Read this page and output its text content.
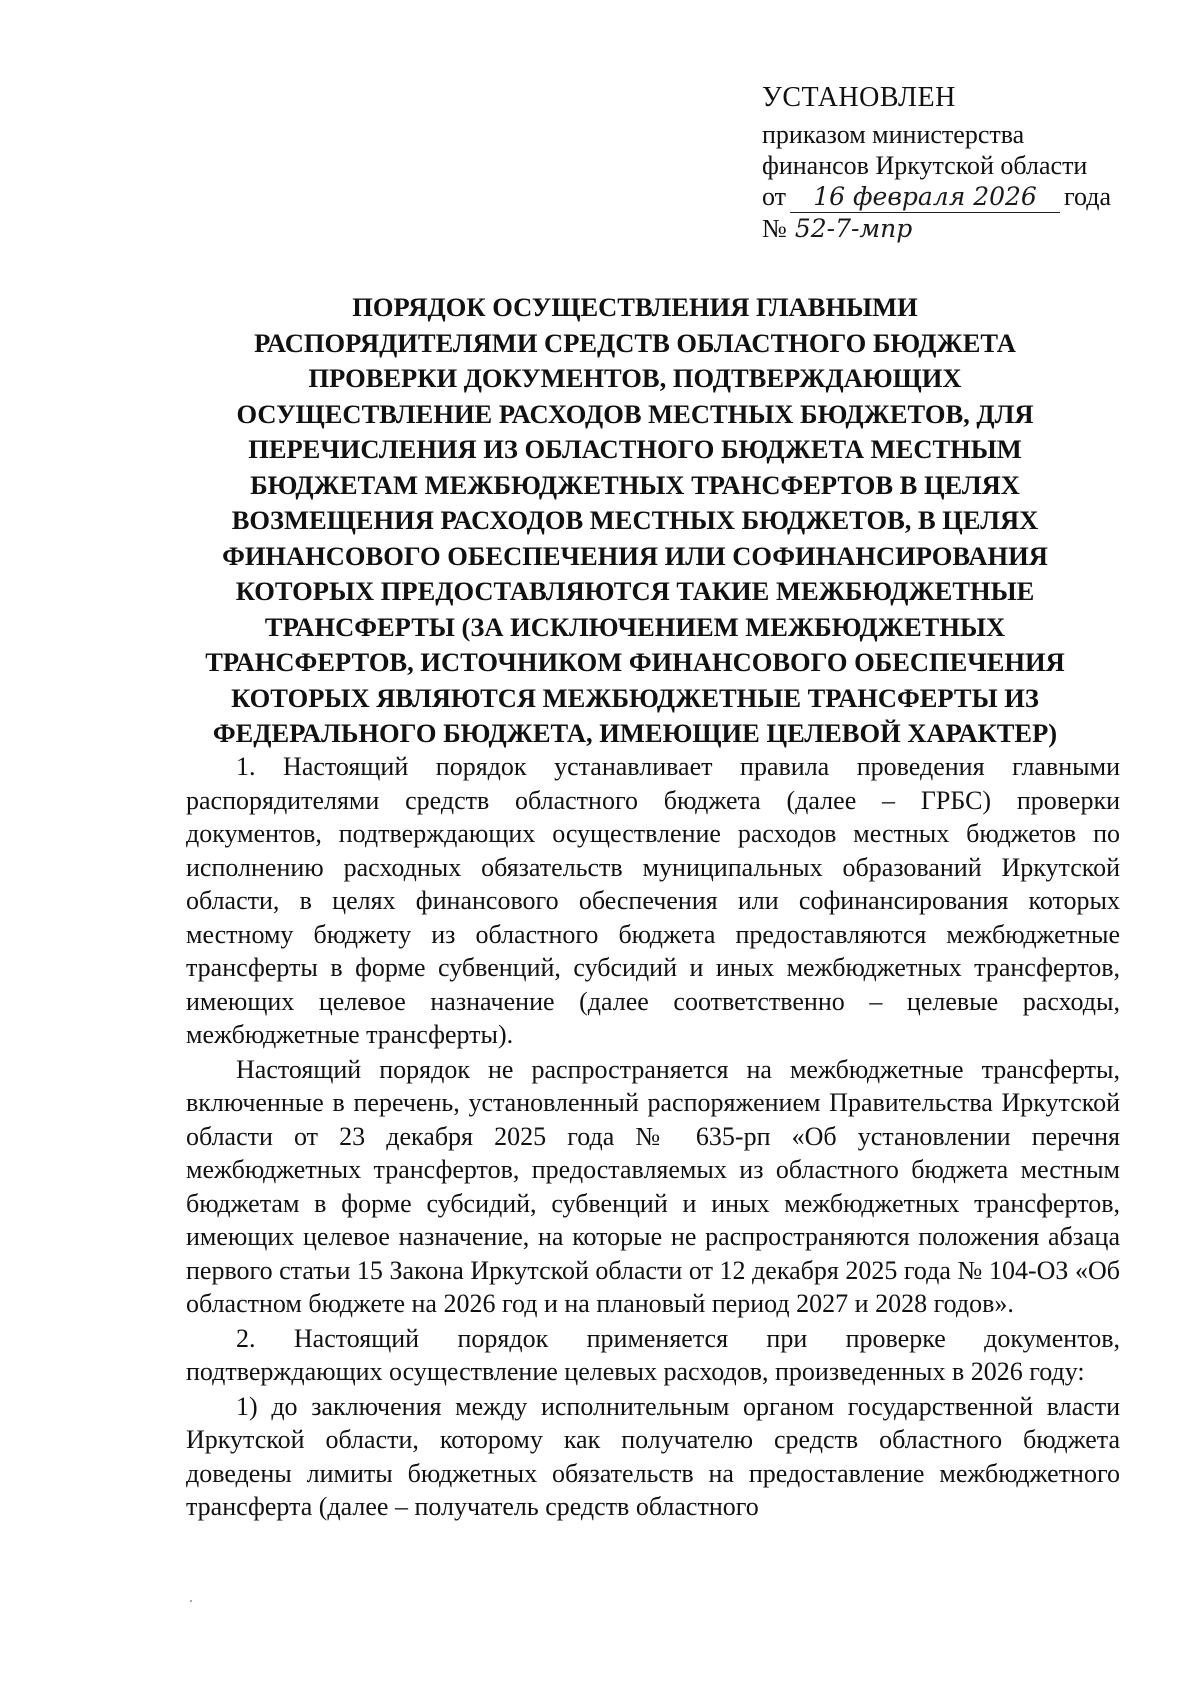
УСТАНОВЛЕН
приказом министерства
финансов Иркутской области
от 16 февраля 2026 года
№ 52-7-мпр
ПОРЯДОК ОСУЩЕСТВЛЕНИЯ ГЛАВНЫМИ
РАСПОРЯДИТЕЛЯМИ СРЕДСТВ ОБЛАСТНОГО БЮДЖЕТА
ПРОВЕРКИ ДОКУМЕНТОВ, ПОДТВЕРЖДАЮЩИХ
ОСУЩЕСТВЛЕНИЕ РАСХОДОВ МЕСТНЫХ БЮДЖЕТОВ, ДЛЯ
ПЕРЕЧИСЛЕНИЯ ИЗ ОБЛАСТНОГО БЮДЖЕТА МЕСТНЫМ
БЮДЖЕТАМ МЕЖБЮДЖЕТНЫХ ТРАНСФЕРТОВ В ЦЕЛЯХ
ВОЗМЕЩЕНИЯ РАСХОДОВ МЕСТНЫХ БЮДЖЕТОВ, В ЦЕЛЯХ
ФИНАНСОВОГО ОБЕСПЕЧЕНИЯ ИЛИ СОФИНАНСИРОВАНИЯ
КОТОРЫХ ПРЕДОСТАВЛЯЮТСЯ ТАКИЕ МЕЖБЮДЖЕТНЫЕ
ТРАНСФЕРТЫ (ЗА ИСКЛЮЧЕНИЕМ МЕЖБЮДЖЕТНЫХ
ТРАНСФЕРТОВ, ИСТОЧНИКОМ ФИНАНСОВОГО ОБЕСПЕЧЕНИЯ
КОТОРЫХ ЯВЛЯЮТСЯ МЕЖБЮДЖЕТНЫЕ ТРАНСФЕРТЫ ИЗ
ФЕДЕРАЛЬНОГО БЮДЖЕТА, ИМЕЮЩИЕ ЦЕЛЕВОЙ ХАРАКТЕР)

1. Настоящий порядок устанавливает правила проведения главными распорядителями средств областного бюджета (далее – ГРБС) проверки документов, подтверждающих осуществление расходов местных бюджетов по исполнению расходных обязательств муниципальных образований Иркутской области, в целях финансового обеспечения или софинансирования которых местному бюджету из областного бюджета предоставляются межбюджетные трансферты в форме субвенций, субсидий и иных межбюджетных трансфертов, имеющих целевое назначение (далее соответственно – целевые расходы, межбюджетные трансферты).

Настоящий порядок не распространяется на межбюджетные трансферты, включенные в перечень, установленный распоряжением Правительства Иркутской области от 23 декабря 2025 года № 635-рп «Об установлении перечня межбюджетных трансфертов, предоставляемых из областного бюджета местным бюджетам в форме субсидий, субвенций и иных межбюджетных трансфертов, имеющих целевое назначение, на которые не распространяются положения абзаца первого статьи 15 Закона Иркутской области от 12 декабря 2025 года № 104-ОЗ «Об областном бюджете на 2026 год и на плановый период 2027 и 2028 годов».

2. Настоящий порядок применяется при проверке документов, подтверждающих осуществление целевых расходов, произведенных в 2026 году:

1) до заключения между исполнительным органом государственной власти Иркутской области, которому как получателю средств областного бюджета доведены лимиты бюджетных обязательств на предоставление межбюджетного трансферта (далее – получатель средств областного
